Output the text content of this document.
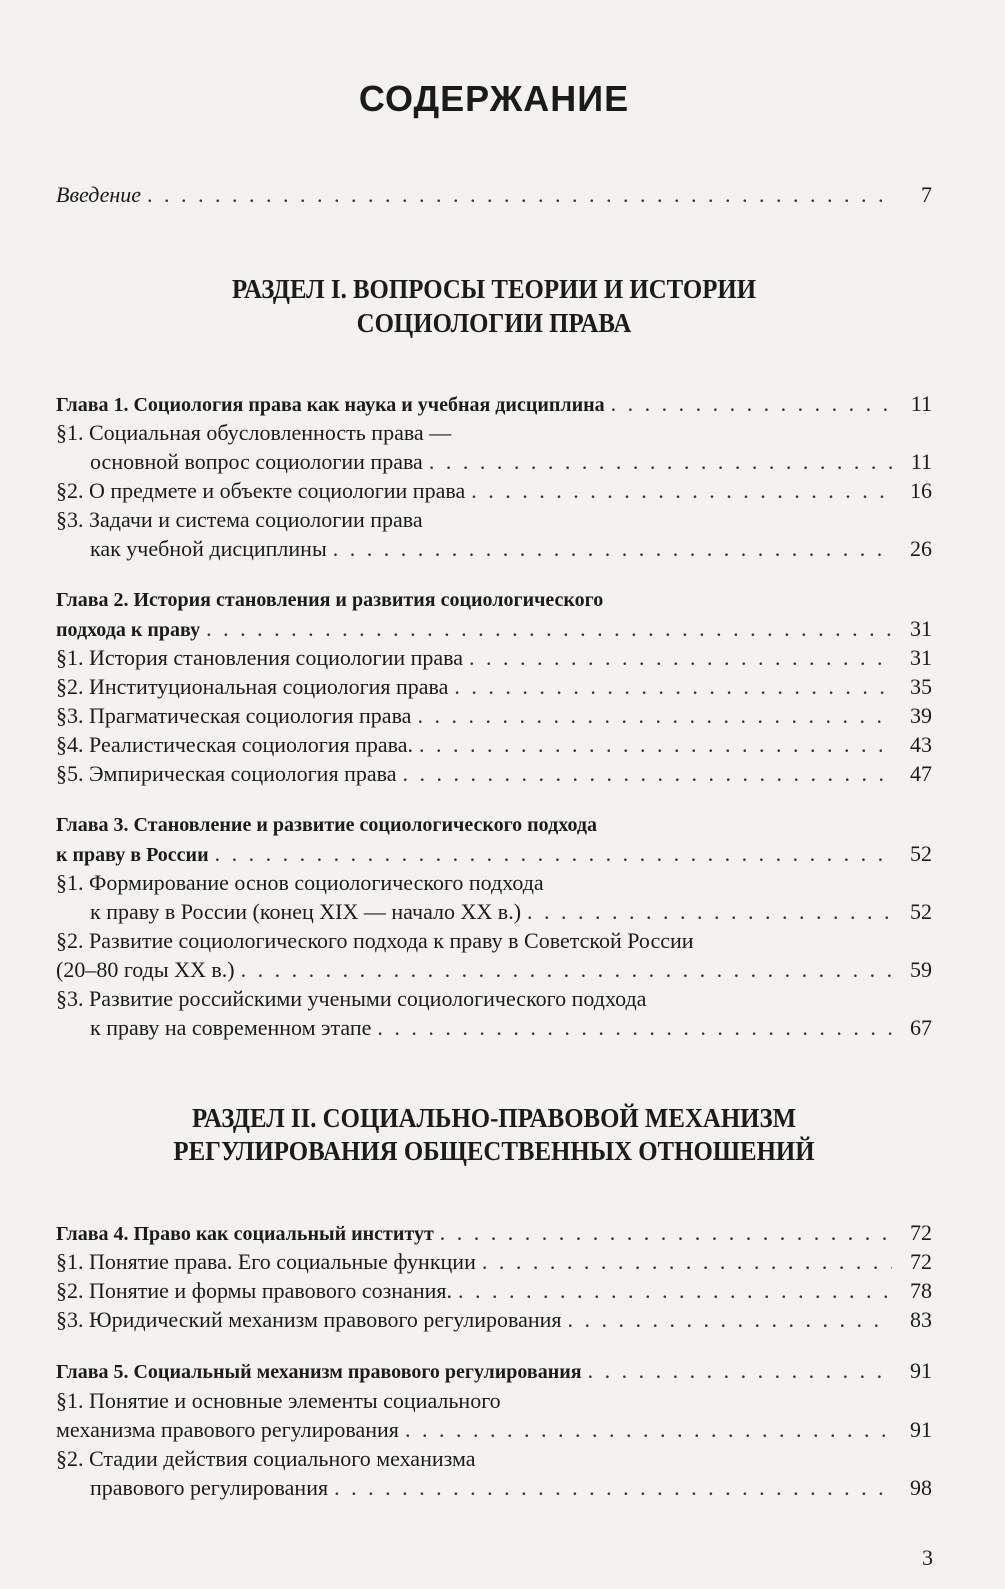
СОДЕРЖАНИЕ
Введение . . .	7
РАЗДЕЛ I. ВОПРОСЫ ТЕОРИИ И ИСТОРИИ
СОЦИОЛОГИИ ПРАВА
Глава 1. Социология права как наука и учебная дисциплина . . .	11
§1. Социальная обусловленность права —
основной вопрос социологии права . . .	11
§2. О предмете и объекте социологии права . . .	16
§3. Задачи и система социологии права
как учебной дисциплины . . .	26
Глава 2. История становления и развития социологического
подхода к праву . . .	31
§1. История становления социологии права . . .	31
§2. Институциональная социология права . . .	35
§3. Прагматическая социология права . . .	39
§4. Реалистическая социология права. . . .	43
§5. Эмпирическая социология права . . .	47
Глава 3. Становление и развитие социологического подхода
к праву в России . . .	52
§1. Формирование основ социологического подхода
к праву в России (конец XIX — начало XX в.) . . .	52
§2. Развитие социологического подхода к праву в Советской России
(20–80 годы XX в.) . . .	59
§3. Развитие российскими учеными социологического подхода
к праву на современном этапе . . .	67
РАЗДЕЛ II. СОЦИАЛЬНО-ПРАВОВОЙ МЕХАНИЗМ
РЕГУЛИРОВАНИЯ ОБЩЕСТВЕННЫХ ОТНОШЕНИЙ
Глава 4. Право как социальный институт . . .	72
§1. Понятие права. Его социальные функции . . .	72
§2. Понятие и формы правового сознания. . . .	78
§3. Юридический механизм правового регулирования . . .	83
Глава 5. Социальный механизм правового регулирования . . .	91
§1. Понятие и основные элементы социального
механизма правового регулирования . . .	91
§2. Стадии действия социального механизма
правового регулирования . . .	98
3
